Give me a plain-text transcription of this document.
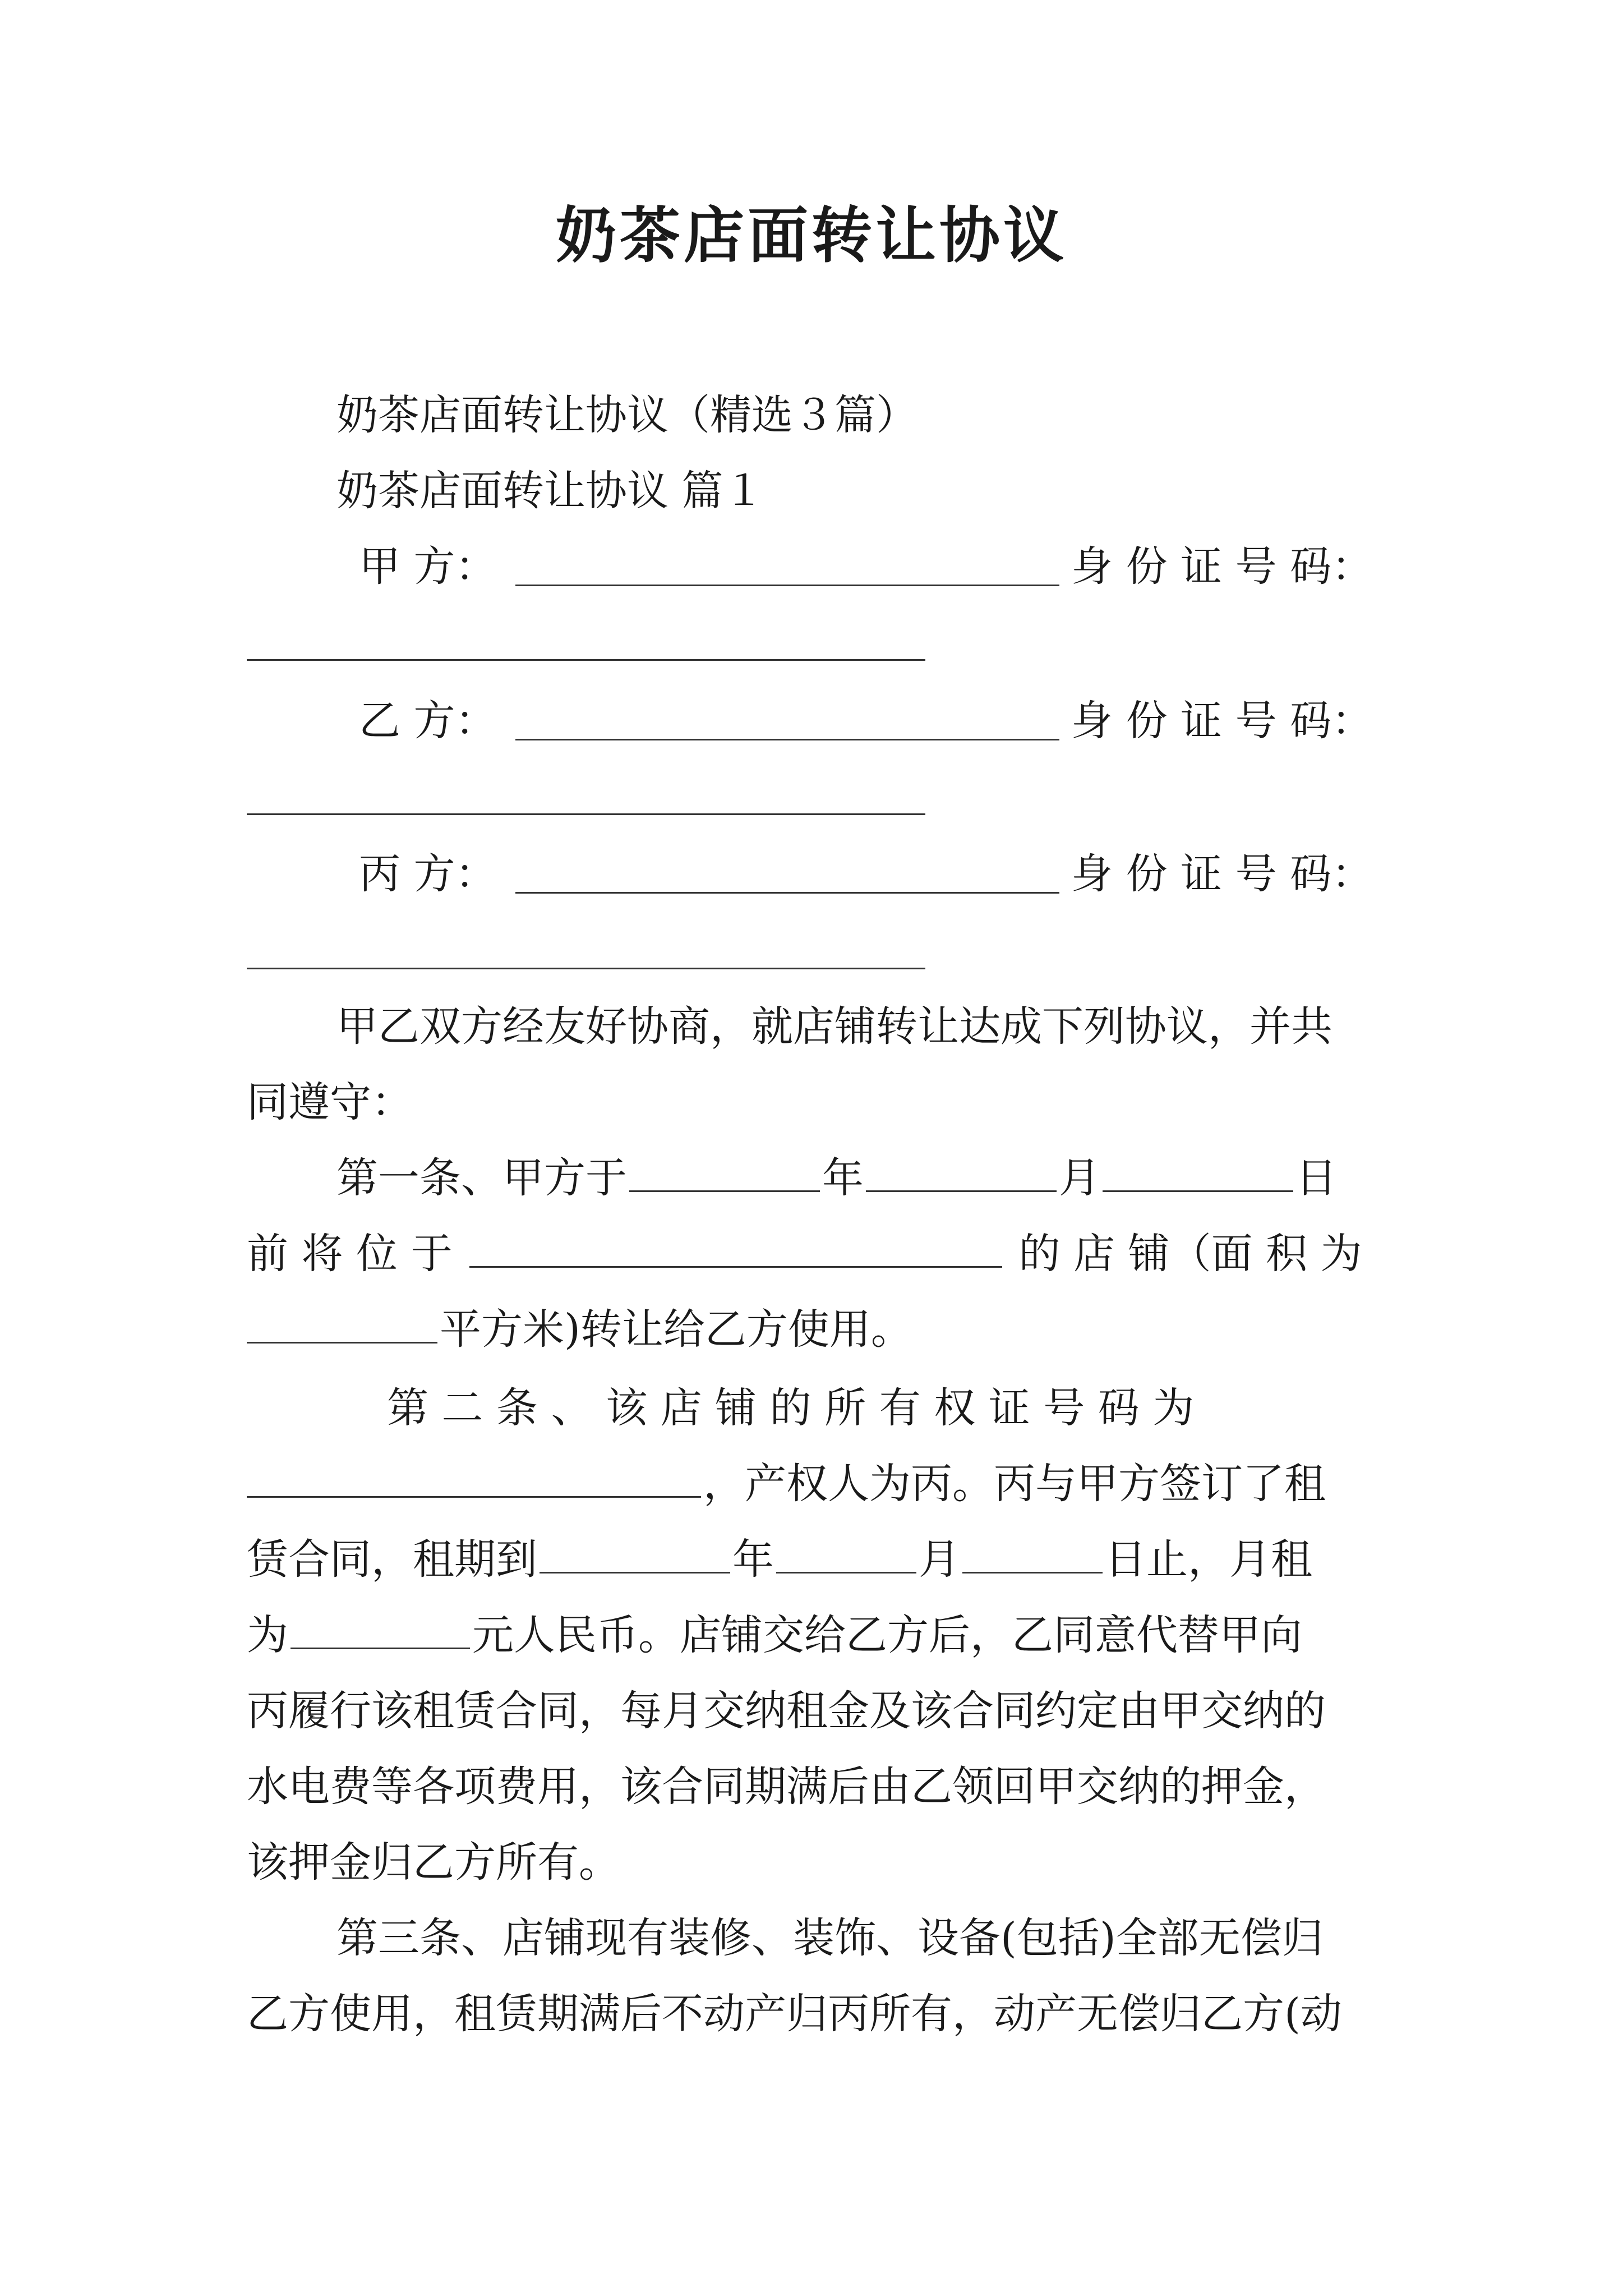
奶茶店面转让协议
奶茶店面转让协议（精选３篇）
奶茶店面转让协议 篇１
甲 方：	身 份 证 号 码：
乙 方：	身 份 证 号 码：
丙 方：	身 份 证 号 码：
甲乙双方经友好协商，就店铺转让达成下列协议，并共
同遵守：
第一条、甲方于	年	月	日
前 将 位 于	的 店 铺（面 积 为
平方米)转让给乙方使用。
第 二 条 、 该 店 铺 的 所 有 权 证 号 码 为
，产权人为丙。丙与甲方签订了租
赁合同，租期到	年	月	日止，月租
为	元人民币。店铺交给乙方后，乙同意代替甲向
丙履行该租赁合同，每月交纳租金及该合同约定由甲交纳的
水电费等各项费用，该合同期满后由乙领回甲交纳的押金，
该押金归乙方所有。
第三条、店铺现有装修、装饰、设备(包括)全部无偿归
乙方使用，租赁期满后不动产归丙所有，动产无偿归乙方(动
